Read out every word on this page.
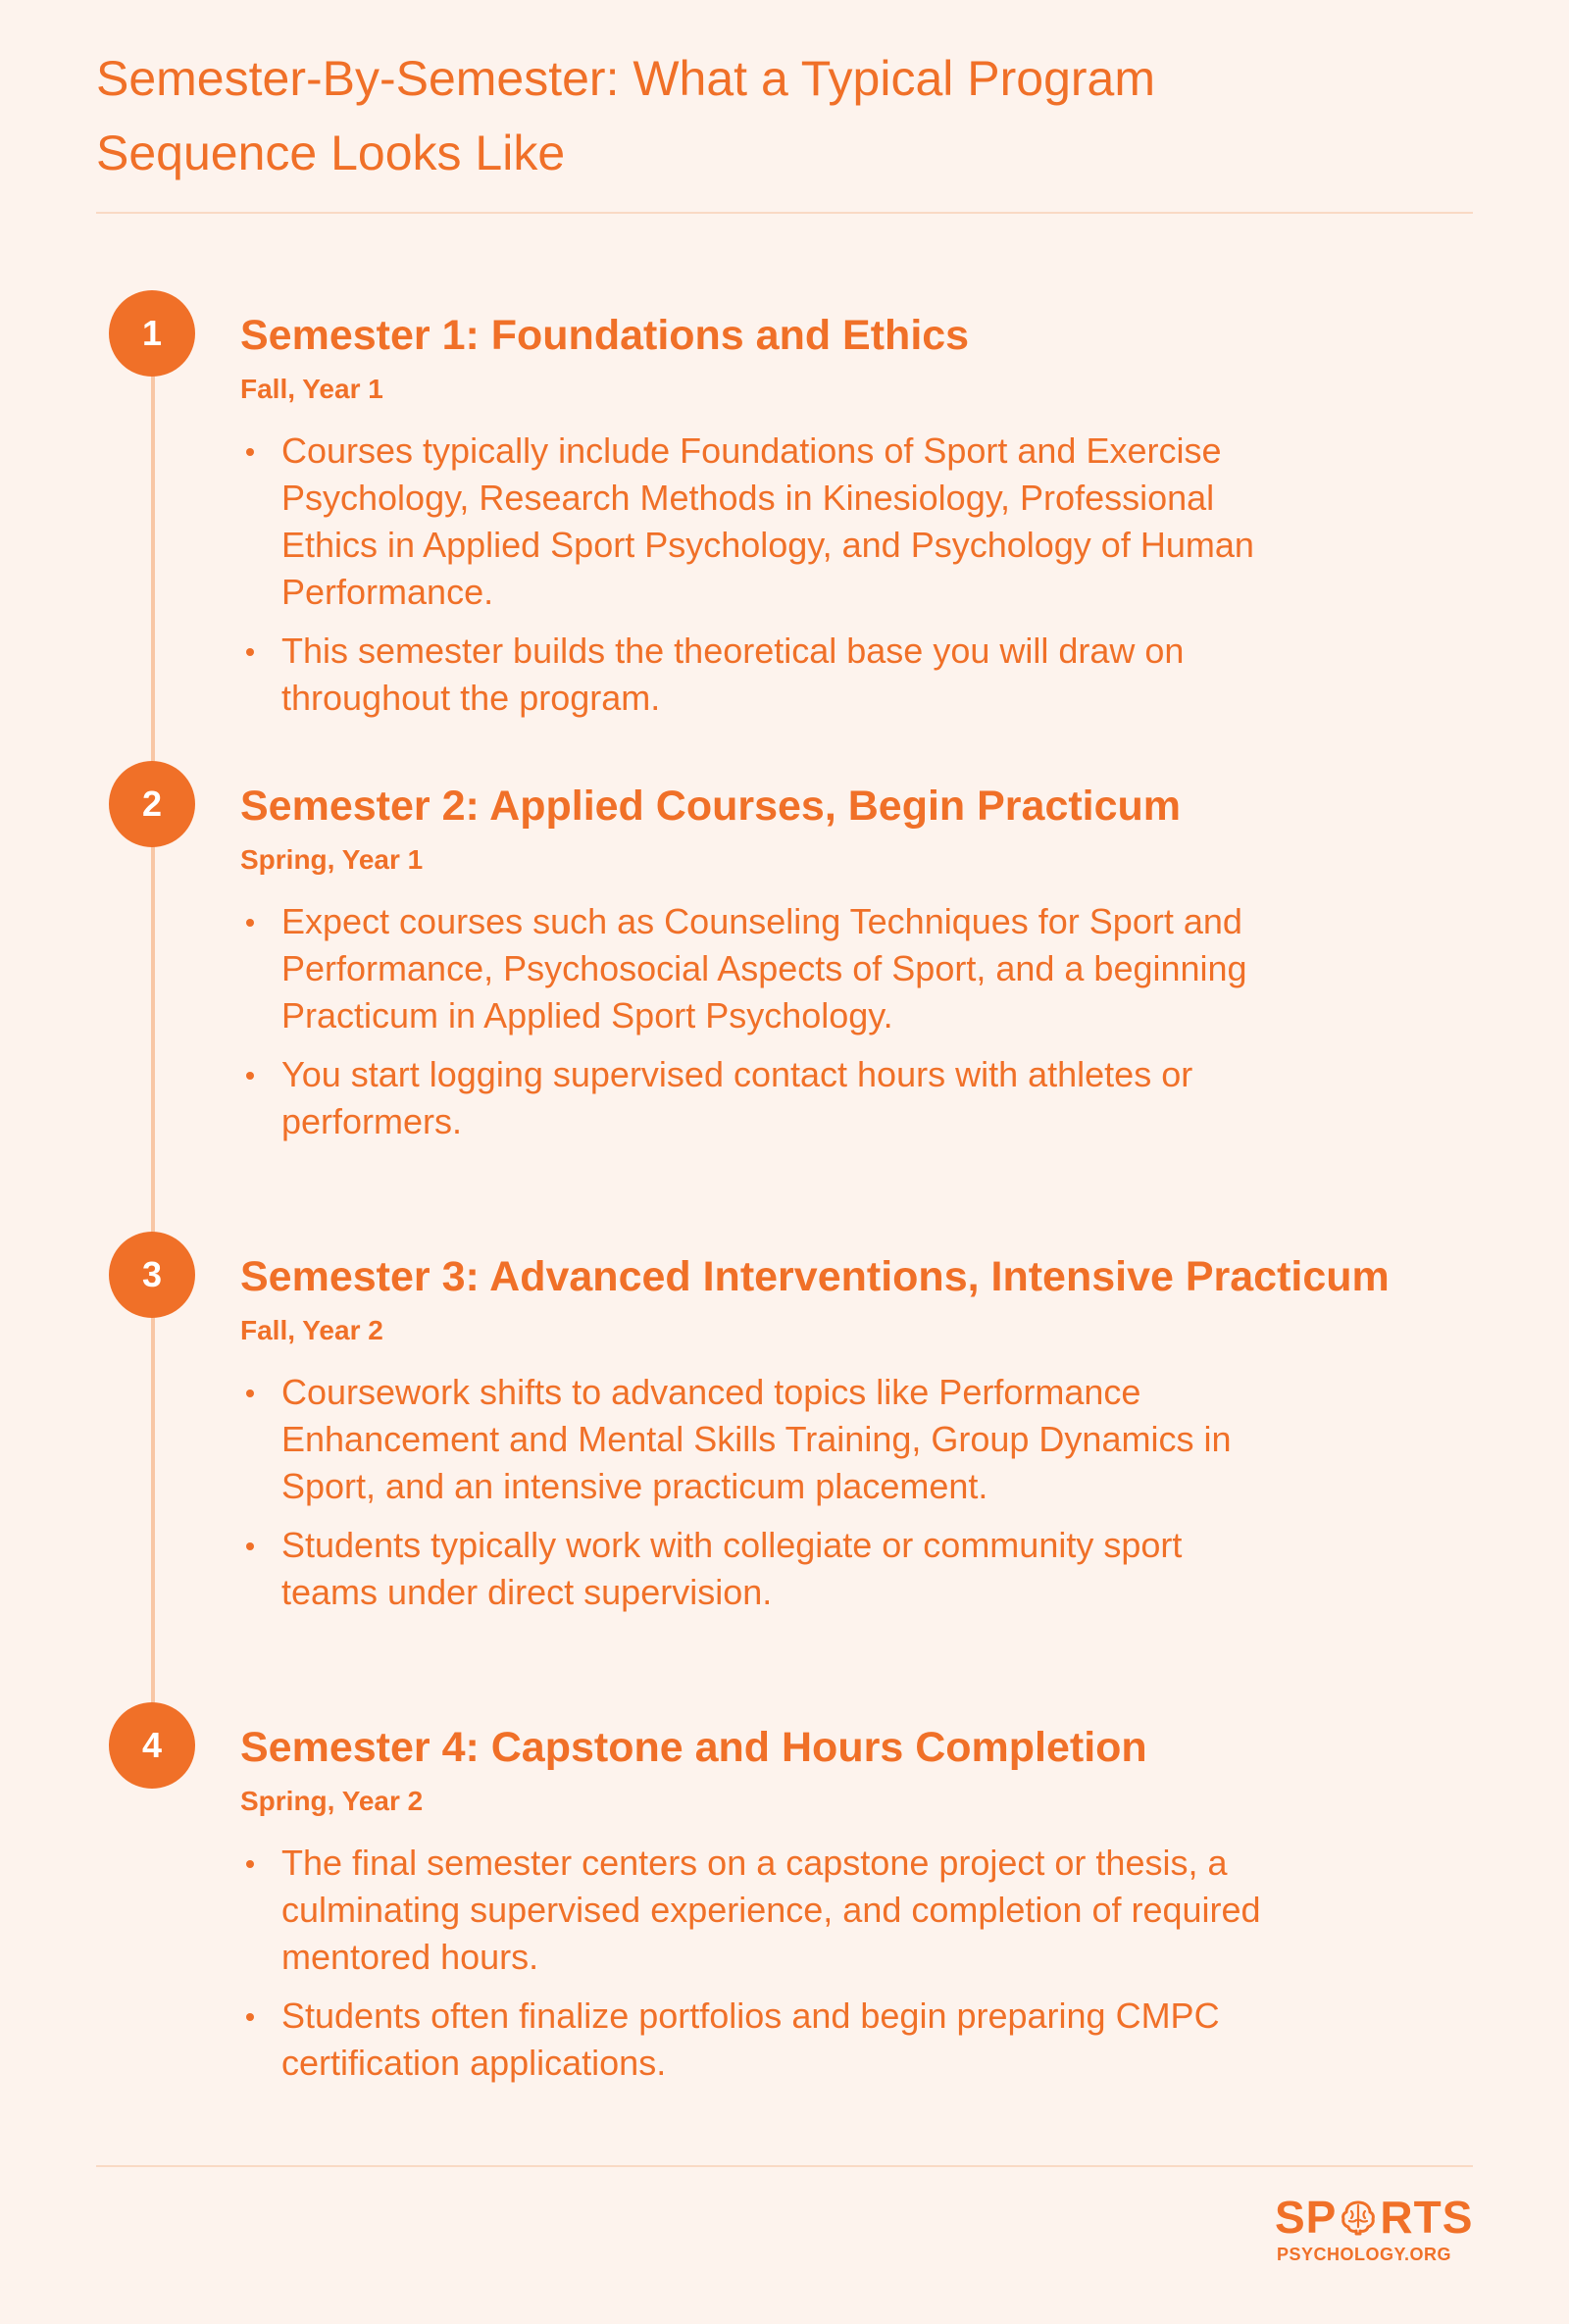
Semester-By-Semester: What a Typical Program Sequence Looks Like
1	Semester 1: Foundations and Ethics

Fall, Year 1

Courses typically include Foundations of Sport and Exercise Psychology, Research Methods in Kinesiology, Professional Ethics in Applied Sport Psychology, and Psychology of Human Performance.
This semester builds the theoretical base you will draw on throughout the program.
2	Semester 2: Applied Courses, Begin Practicum

Spring, Year 1

Expect courses such as Counseling Techniques for Sport and Performance, Psychosocial Aspects of Sport, and a beginning Practicum in Applied Sport Psychology.
You start logging supervised contact hours with athletes or performers.
3	Semester 3: Advanced Interventions, Intensive Practicum

Fall, Year 2

Coursework shifts to advanced topics like Performance Enhancement and Mental Skills Training, Group Dynamics in Sport, and an intensive practicum placement.
Students typically work with collegiate or community sport teams under direct supervision.
4	Semester 4: Capstone and Hours Completion

Spring, Year 2

The final semester centers on a capstone project or thesis, a culminating supervised experience, and completion of required mentored hours.
Students often finalize portfolios and begin preparing CMPC certification applications.
SP RTS
PSYCHOLOGY.ORG
